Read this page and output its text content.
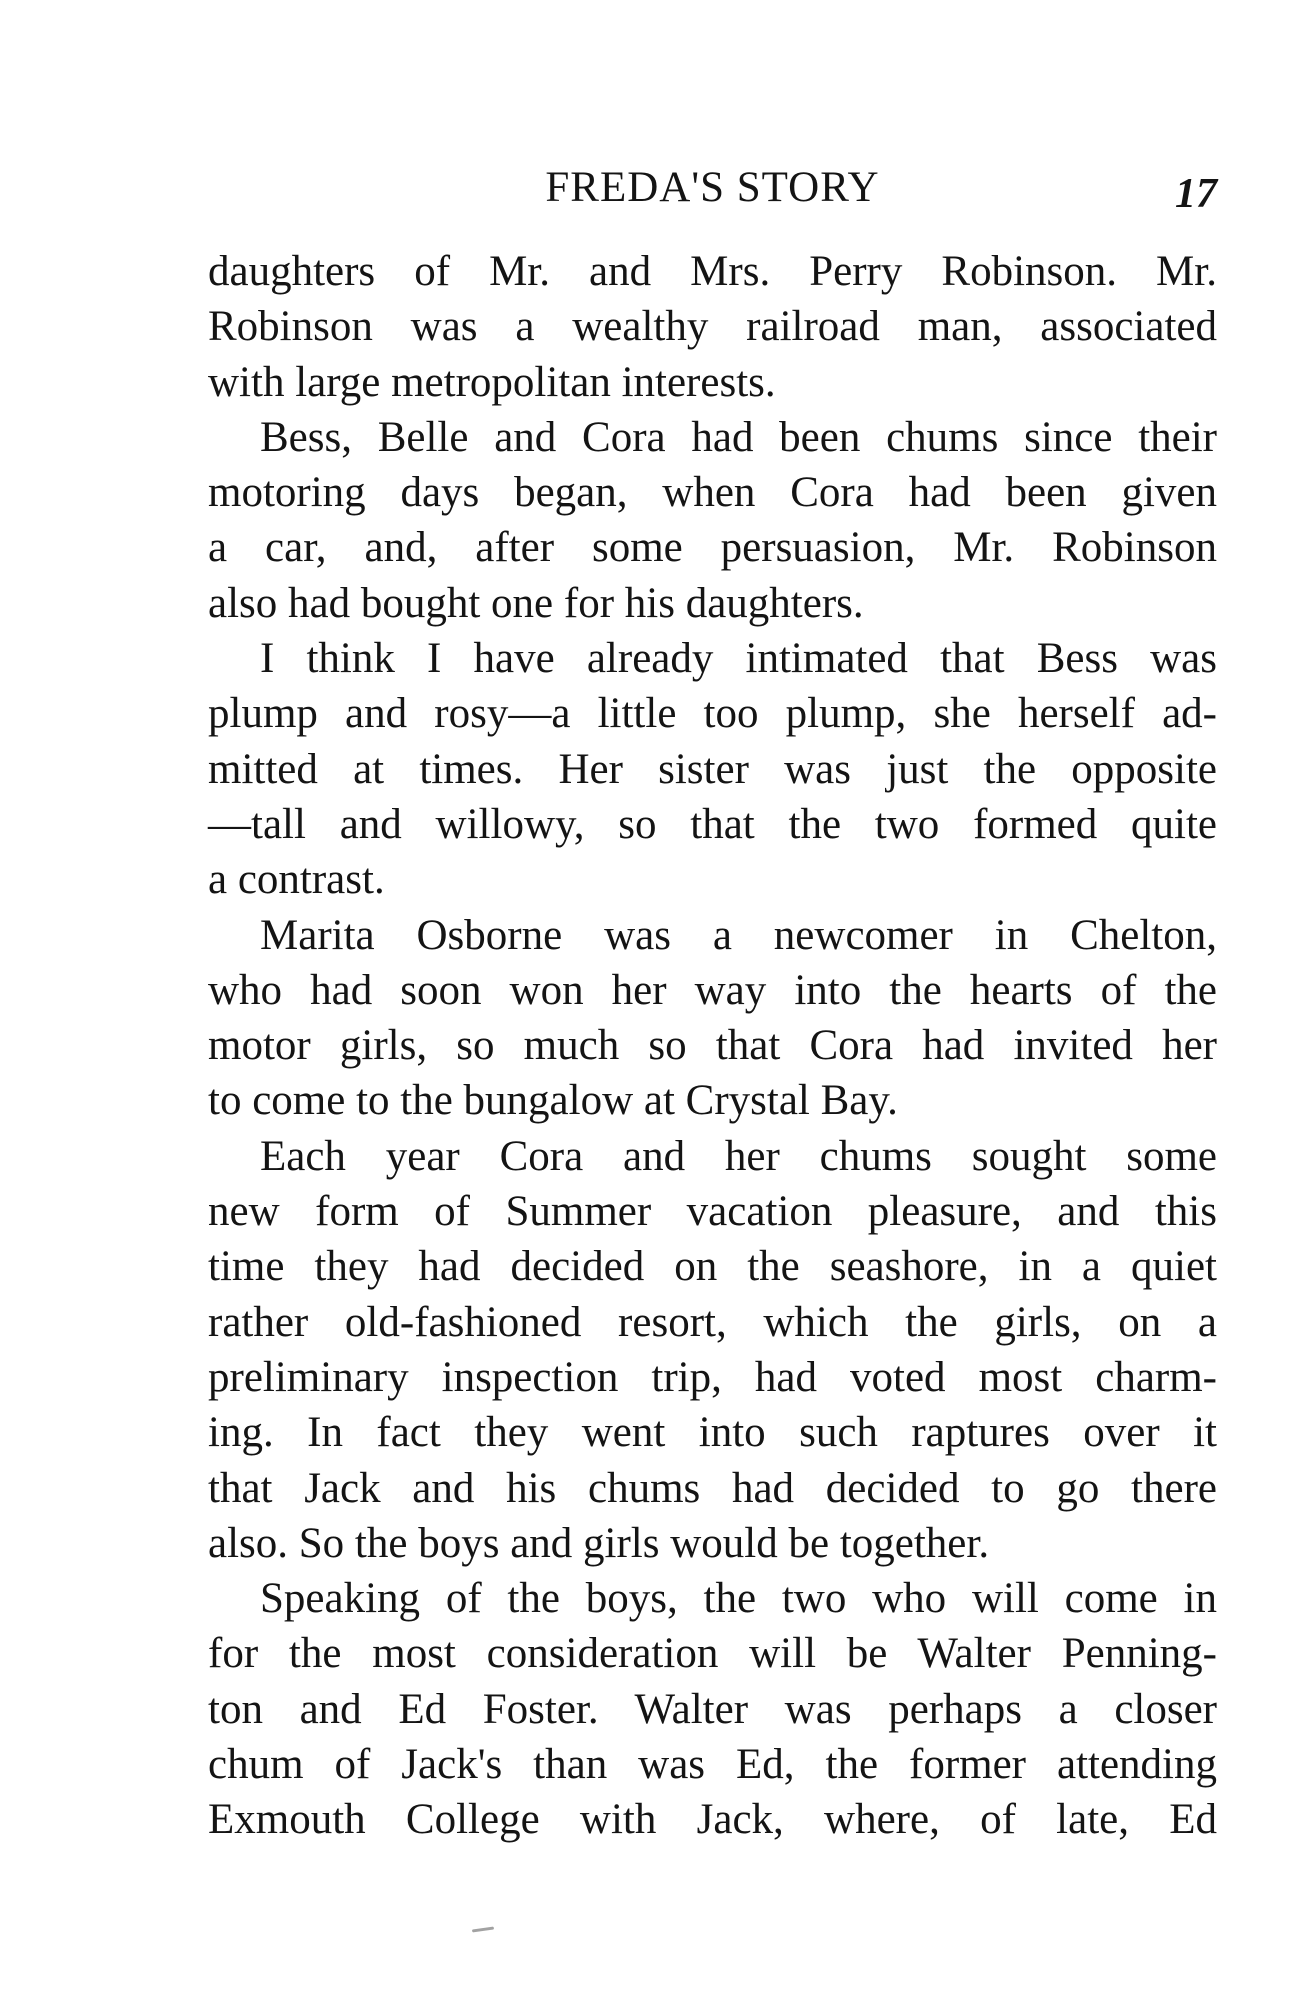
FREDA'S STORY	17
daughters of Mr. and Mrs. Perry Robinson. Mr.
Robinson was a wealthy railroad man, associated
with large metropolitan interests.
Bess, Belle and Cora had been chums since their
motoring days began, when Cora had been given
a car, and, after some persuasion, Mr. Robinson
also had bought one for his daughters.
I think I have already intimated that Bess was
plump and rosy—a little too plump, she herself ad-
mitted at times. Her sister was just the opposite
—tall and willowy, so that the two formed quite
a contrast.
Marita Osborne was a newcomer in Chelton,
who had soon won her way into the hearts of the
motor girls, so much so that Cora had invited her
to come to the bungalow at Crystal Bay.
Each year Cora and her chums sought some
new form of Summer vacation pleasure, and this
time they had decided on the seashore, in a quiet
rather old-fashioned resort, which the girls, on a
preliminary inspection trip, had voted most charm-
ing. In fact they went into such raptures over it
that Jack and his chums had decided to go there
also. So the boys and girls would be together.
Speaking of the boys, the two who will come in
for the most consideration will be Walter Penning-
ton and Ed Foster. Walter was perhaps a closer
chum of Jack's than was Ed, the former attending
Exmouth College with Jack, where, of late, Ed
